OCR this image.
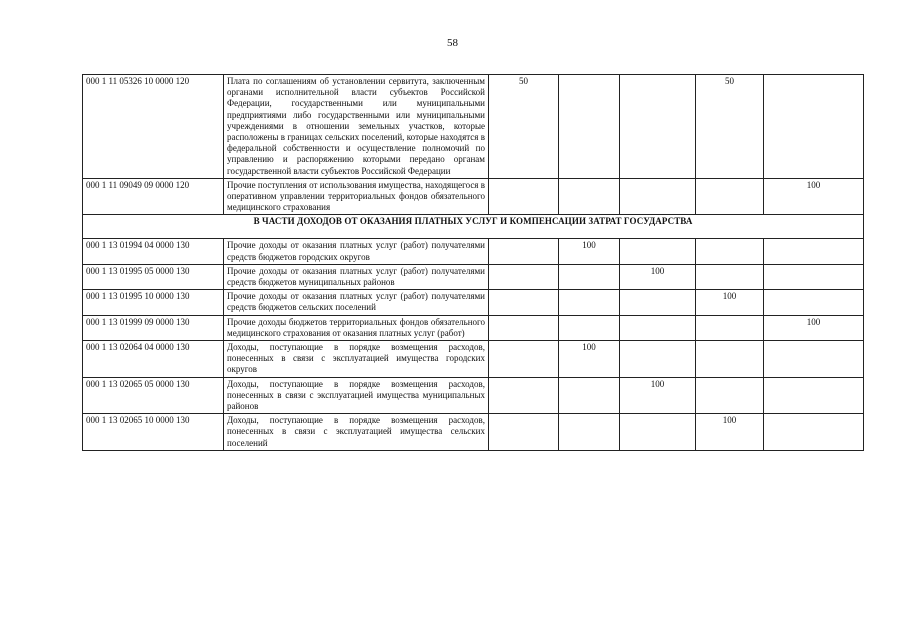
58
000 1 11 05326 10 0000 120	Плата по соглашениям об установлении сервитута, заключенным органами исполнительной власти субъектов Российской Федерации, государственными или муниципальными предприятиями либо государственными или муниципальными учреждениями в отношении земельных участков, которые расположены в границах сельских поселений, которые находятся в федеральной собственности и осуществление полномочий по управлению и распоряжению которыми передано органам государственной власти субъектов Российской Федерации	50			50	
000 1 11 09049 09 0000 120	Прочие поступления от использования имущества, находящегося в оперативном управлении территориальных фондов обязательного медицинского страхования					100
В ЧАСТИ ДОХОДОВ ОТ ОКАЗАНИЯ ПЛАТНЫХ УСЛУГ И КОМПЕНСАЦИИ ЗАТРАТ ГОСУДАРСТВА						
000 1 13 01994 04 0000 130	Прочие доходы от оказания платных услуг (работ) получателями средств бюджетов городских округов		100			
000 1 13 01995 05 0000 130	Прочие доходы от оказания платных услуг (работ) получателями средств бюджетов муниципальных районов			100		
000 1 13 01995 10 0000 130	Прочие доходы от оказания платных услуг (работ) получателями средств бюджетов сельских поселений				100	
000 1 13 01999 09 0000 130	Прочие доходы бюджетов территориальных фондов обязательного медицинского страхования от оказания платных услуг (работ)					100
000 1 13 02064 04 0000 130	Доходы, поступающие в порядке возмещения расходов, понесенных в связи с эксплуатацией имущества городских округов		100			
000 1 13 02065 05 0000 130	Доходы, поступающие в порядке возмещения расходов, понесенных в связи с эксплуатацией имущества муниципальных районов			100		
000 1 13 02065 10 0000 130	Доходы, поступающие в порядке возмещения расходов, понесенных в связи с эксплуатацией имущества сельских поселений				100	
